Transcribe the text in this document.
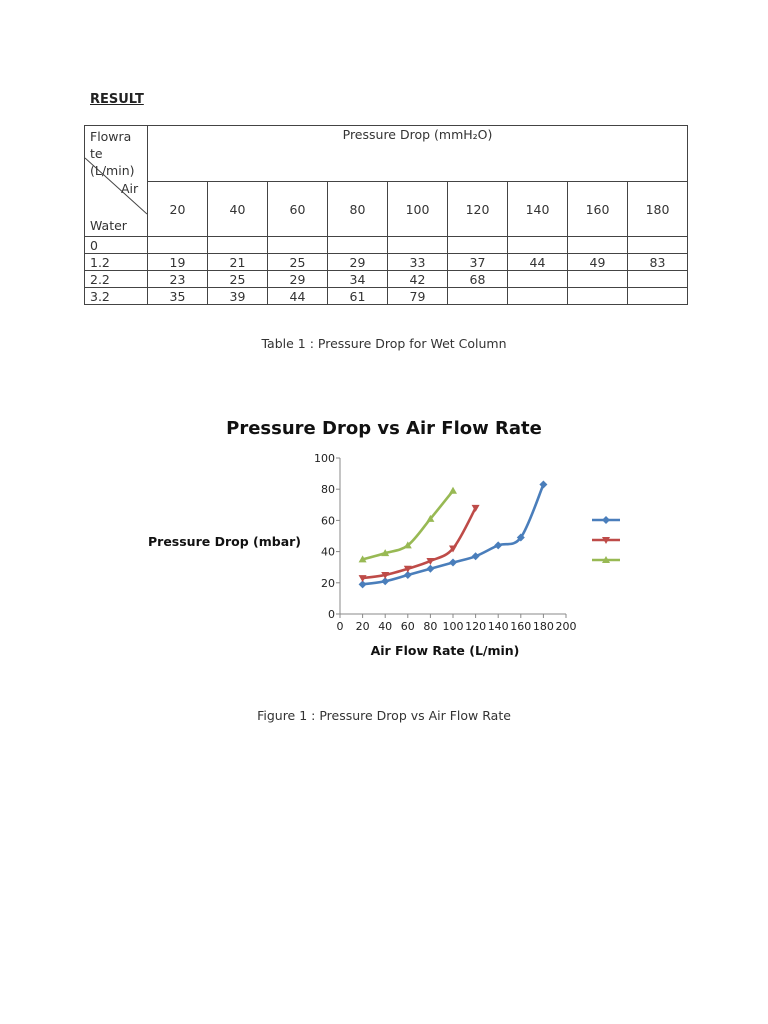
RESULT
Flowra
te
(L/min)
Air
Water	Pressure Drop (mmH₂O)								
	20	40	60	80	100	120	140	160	180
0									
1.2	19	21	25	29	33	37	44	49	83
2.2	23	25	29	34	42	68			
3.2	35	39	44	61	79				
Table 1 : Pressure Drop for Wet Column
Pressure Drop vs Air Flow Rate
0
20
40
60
80
100
0 20 40 60 80 100 120 140 160 180 200
Air Flow Rate (L/min)
Pressure Drop (mbar)
Figure 1 : Pressure Drop vs Air Flow Rate
